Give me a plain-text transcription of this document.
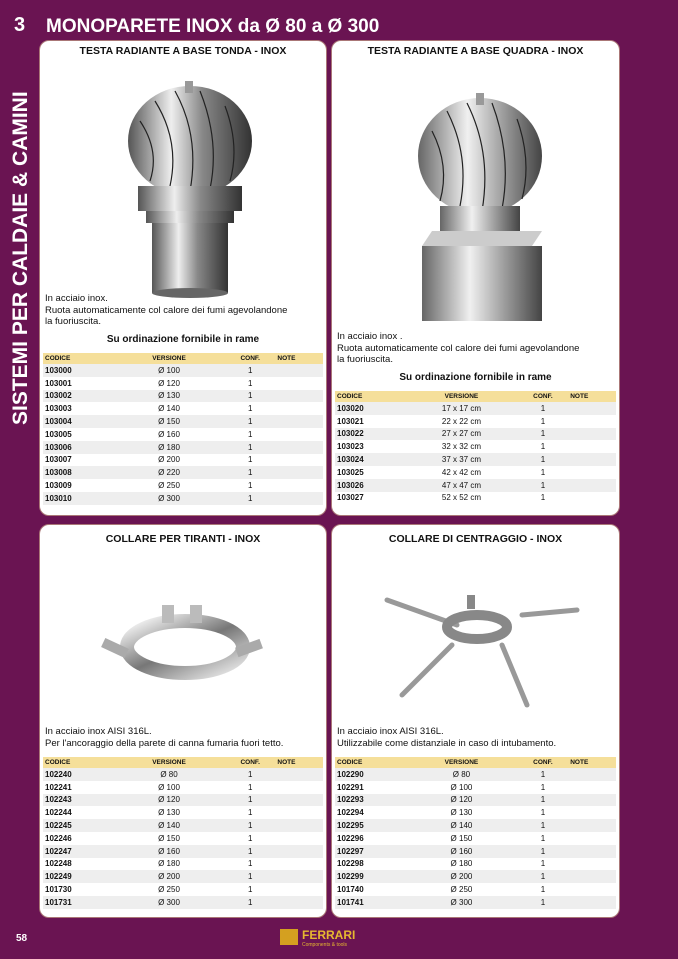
3
SISTEMI PER CALDAIE & CAMINI
MONOPARETE INOX da Ø 80 a Ø 300
TESTA RADIANTE A BASE TONDA - INOX
In acciaio inox.
Ruota automaticamente col calore dei fumi agevolandone
la fuoriuscita.
Su ordinazione fornibile in rame
CODICE	VERSIONE	CONF.	NOTE
103000	Ø 100	1	
103001	Ø 120	1	
103002	Ø 130	1	
103003	Ø 140	1	
103004	Ø 150	1	
103005	Ø 160	1	
103006	Ø 180	1	
103007	Ø 200	1	
103008	Ø 220	1	
103009	Ø 250	1	
103010	Ø 300	1	
TESTA RADIANTE A BASE QUADRA - INOX
In acciaio inox .
Ruota automaticamente col calore dei fumi agevolandone
la fuoriuscita.
Su ordinazione fornibile in rame
CODICE	VERSIONE	CONF.	NOTE
103020	17 x 17 cm	1	
103021	22 x 22 cm	1	
103022	27 x 27 cm	1	
103023	32 x 32 cm	1	
103024	37 x 37 cm	1	
103025	42 x 42 cm	1	
103026	47 x 47 cm	1	
103027	52 x 52 cm	1	
COLLARE PER TIRANTI - INOX
In acciaio inox AISI 316L.
Per l'ancoraggio della parete di canna fumaria fuori tetto.
CODICE	VERSIONE	CONF.	NOTE
102240	Ø 80	1	
102241	Ø 100	1	
102243	Ø 120	1	
102244	Ø 130	1	
102245	Ø 140	1	
102246	Ø 150	1	
102247	Ø 160	1	
102248	Ø 180	1	
102249	Ø 200	1	
101730	Ø 250	1	
101731	Ø 300	1	
COLLARE DI CENTRAGGIO - INOX
In acciaio inox AISI 316L.
Utilizzabile come distanziale in caso di intubamento.
CODICE	VERSIONE	CONF.	NOTE
102290	Ø 80	1	
102291	Ø 100	1	
102293	Ø 120	1	
102294	Ø 130	1	
102295	Ø 140	1	
102296	Ø 150	1	
102297	Ø 160	1	
102298	Ø 180	1	
102299	Ø 200	1	
101740	Ø 250	1	
101741	Ø 300	1	
58	FERRARI
Components & tools
